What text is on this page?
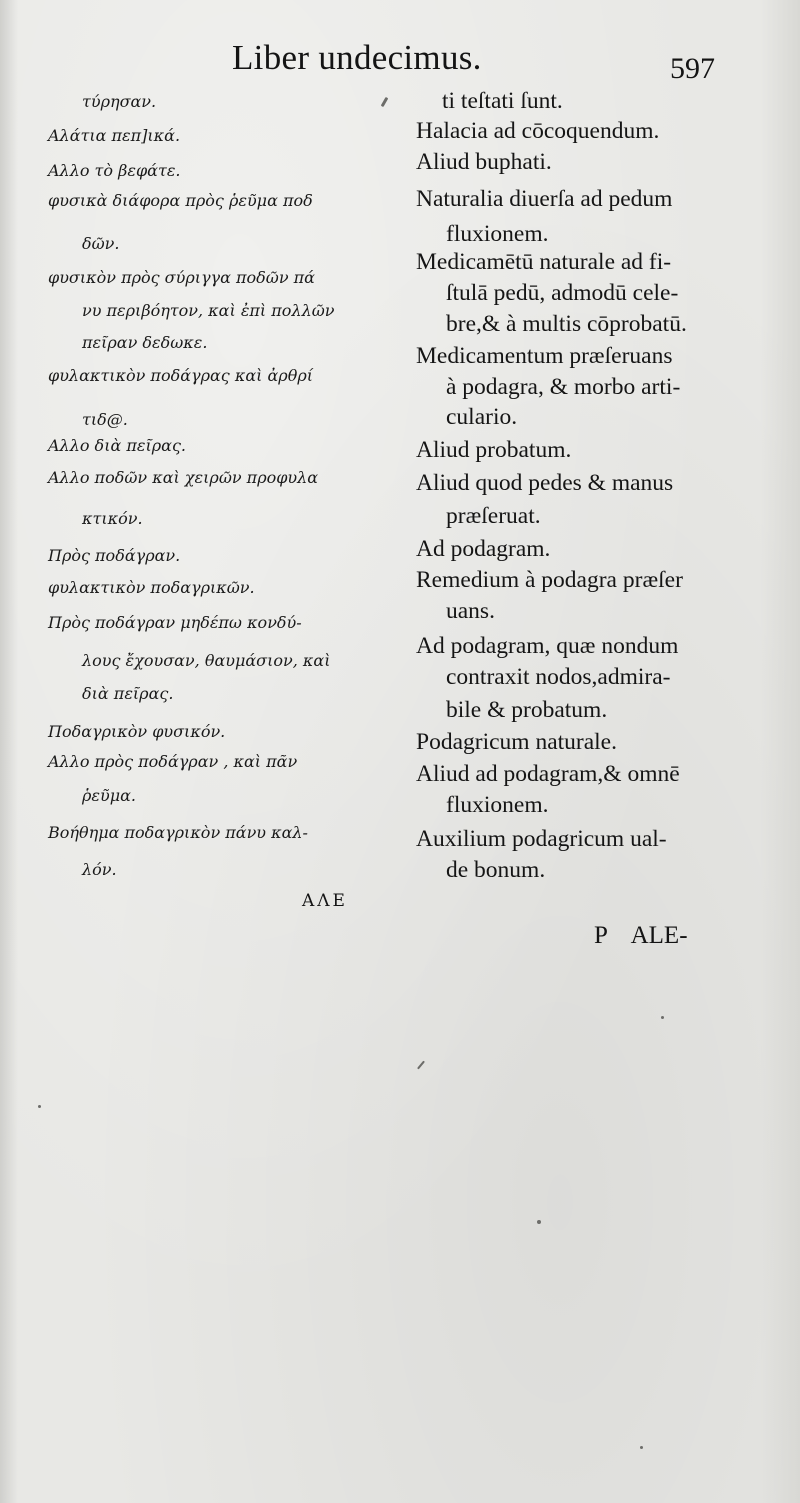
Liber undecimus.	597
τύρησαν.
Αλάτια πεπ]ικά.
Αλλο τὸ βεφάτε.
φυσικὰ διάφορα πρὸς ῥεῦμα ποδ
δῶν.
φυσικὸν πρὸς σύριγγα ποδῶν πά
νυ περιβόητον, καὶ ἐπὶ πολλῶν
πεῖραν δεδωκε.
φυλακτικὸν ποδάγρας καὶ ἀρθρί
τιδ@.
Αλλο διὰ πεῖρας.
Αλλο ποδῶν καὶ χειρῶν προφυλα
κτικόν.
Πρὸς ποδάγραν.
φυλακτικὸν ποδαγρικῶν.
Πρὸς ποδάγραν μηδέπω κονδύ-
λους ἔχουσαν, θαυμάσιον, καὶ
διὰ πεῖρας.
Ποδαγρικὸν φυσικόν.
Αλλο πρὸς ποδάγραν , καὶ πᾶν
ῥεῦμα.
Βοήθημα ποδαγρικὸν πάνυ καλ-
λόν.
ti teſtati ſunt.
Halacia ad cōcoquendum.
Aliud buphati.
Naturalia diuerſa ad pedum
fluxionem.
Medicamētū naturale ad fi-
ſtulā pedū, admodū cele-
bre,& à multis cōprobatū.
Medicamentum præſeruans
à podagra, & morbo arti-
culario.
Aliud probatum.
Aliud quod pedes & manus
præſeruat.
Ad podagram.
Remedium à podagra præſer
uans.
Ad podagram, quæ nondum
contraxit nodos,admira-
bile & probatum.
Podagricum naturale.
Aliud ad podagram,& omnē
fluxionem.
Auxilium podagricum ual-
de bonum.
ΑΛΕ
P    ALE-
